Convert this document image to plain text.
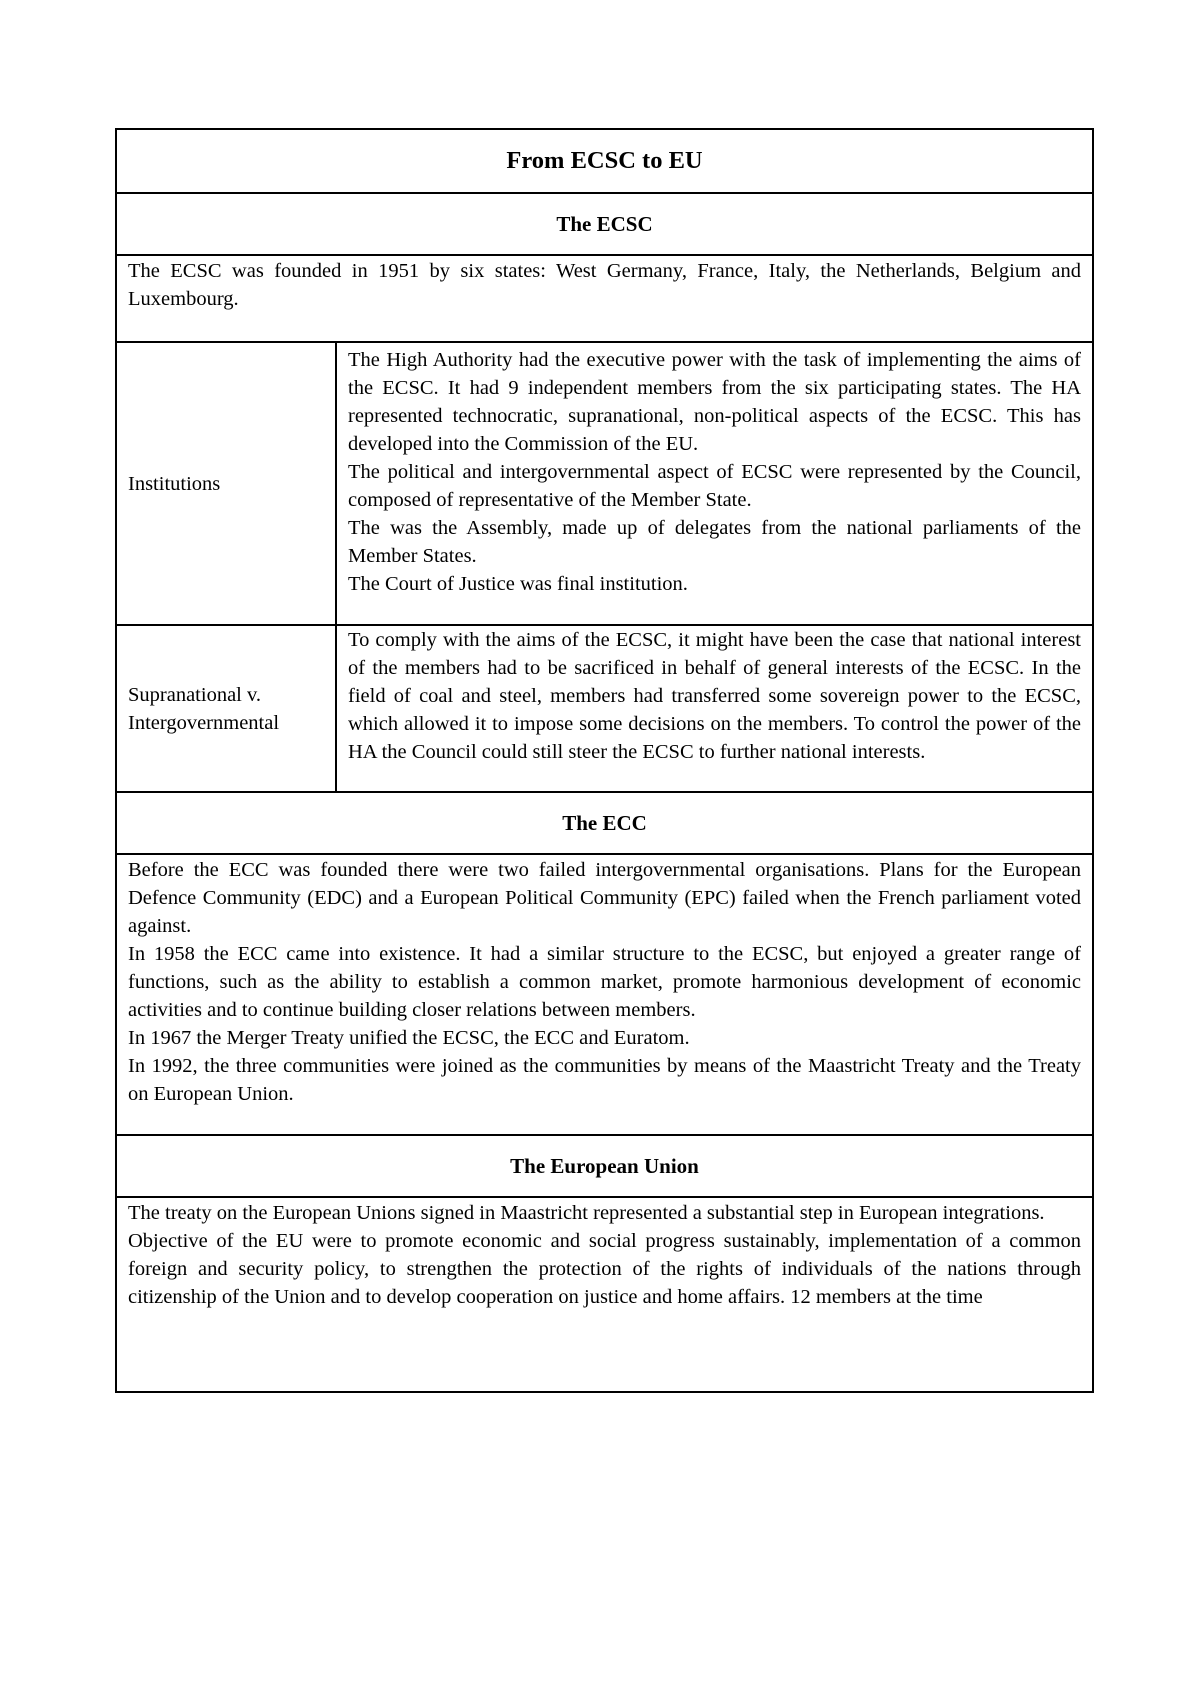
From ECSC to EU	
The ECSC	

The ECSC was founded in 1951 by six states: West Germany, France, Italy, the Netherlands, Belgium and Luxembourg.	

Institutions	The High Authority had the executive power with the task of implementing the aims of the ECSC. It had 9 independent members from the six participating states. The HA represented technocratic, supranational, non-political aspects of the ECSC. This has developed into the Commission of the EU.

The political and intergovernmental aspect of ECSC were represented by the Council, composed of representative of the Member State.

The was the Assembly, made up of delegates from the national parliaments of the Member States.

The Court of Justice was final institution.

Supranational v.
Intergovernmental	To comply with the aims of the ECSC, it might have been the case that national interest of the members had to be sacrificed in behalf of general interests of the ECSC. In the field of coal and steel, members had transferred some sovereign power to the ECSC, which allowed it to impose some decisions on the members. To control the power of the HA the Council could still steer the ECSC to further national interests.

The ECC	

Before the ECC was founded there were two failed intergovernmental organisations. Plans for the European Defence Community (EDC) and a European Political Community (EPC) failed when the French parliament voted against.

In 1958 the ECC came into existence. It had a similar structure to the ECSC, but enjoyed a greater range of functions, such as the ability to establish a common market, promote harmonious development of economic activities and to continue building closer relations between members.

In 1967 the Merger Treaty unified the ECSC, the ECC and Euratom.

In 1992, the three communities were joined as the communities by means of the Maastricht Treaty and the Treaty on European Union.	

The European Union	

The treaty on the European Unions signed in Maastricht represented a substantial step in European integrations.

Objective of the EU were to promote economic and social progress sustainably, implementation of a common foreign and security policy, to strengthen the protection of the rights of individuals of the nations through citizenship of the Union and to develop cooperation on justice and home affairs. 12 members at the time	
